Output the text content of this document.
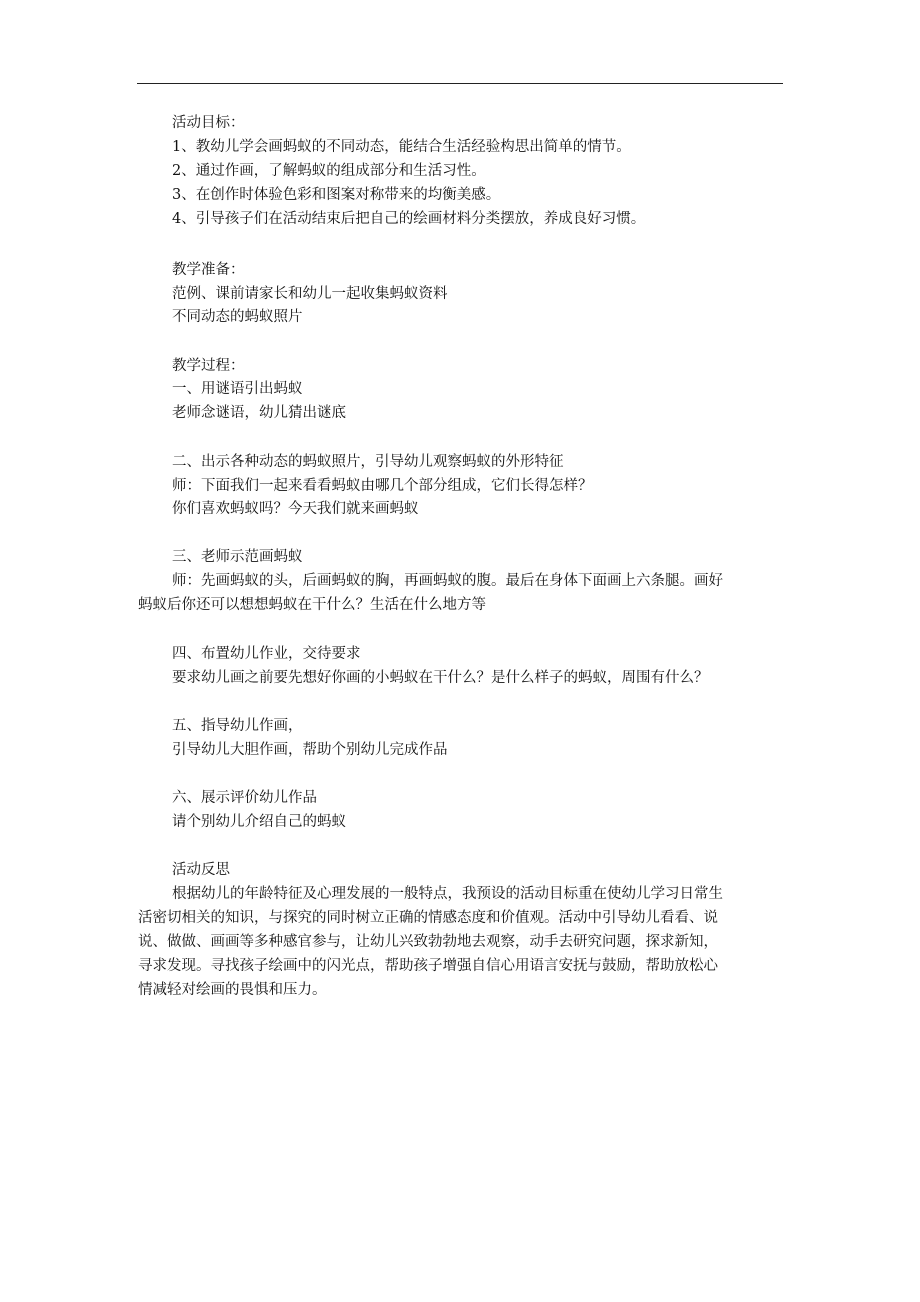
活动目标：
1、教幼儿学会画蚂蚁的不同动态，能结合生活经验构思出简单的情节。
2、通过作画，了解蚂蚁的组成部分和生活习性。
3、在创作时体验色彩和图案对称带来的均衡美感。
4、引导孩子们在活动结束后把自己的绘画材料分类摆放，养成良好习惯。
教学准备：
范例、课前请家长和幼儿一起收集蚂蚁资料
不同动态的蚂蚁照片
教学过程：
一、用谜语引出蚂蚁
老师念谜语，幼儿猜出谜底
二、出示各种动态的蚂蚁照片，引导幼儿观察蚂蚁的外形特征
师：下面我们一起来看看蚂蚁由哪几个部分组成，它们长得怎样？
你们喜欢蚂蚁吗？今天我们就来画蚂蚁
三、老师示范画蚂蚁
师：先画蚂蚁的头，后画蚂蚁的胸，再画蚂蚁的腹。最后在身体下面画上六条腿。画好
蚂蚁后你还可以想想蚂蚁在干什么？生活在什么地方等
四、布置幼儿作业，交待要求
要求幼儿画之前要先想好你画的小蚂蚁在干什么？是什么样子的蚂蚁，周围有什么？
五、指导幼儿作画，
引导幼儿大胆作画，帮助个别幼儿完成作品
六、展示评价幼儿作品
请个别幼儿介绍自己的蚂蚁
活动反思
根据幼儿的年龄特征及心理发展的一般特点，我预设的活动目标重在使幼儿学习日常生
活密切相关的知识，与探究的同时树立正确的情感态度和价值观。活动中引导幼儿看看、说
说、做做、画画等多种感官参与，让幼儿兴致勃勃地去观察，动手去研究问题，探求新知，
寻求发现。寻找孩子绘画中的闪光点，帮助孩子增强自信心用语言安抚与鼓励，帮助放松心
情减轻对绘画的畏惧和压力。
